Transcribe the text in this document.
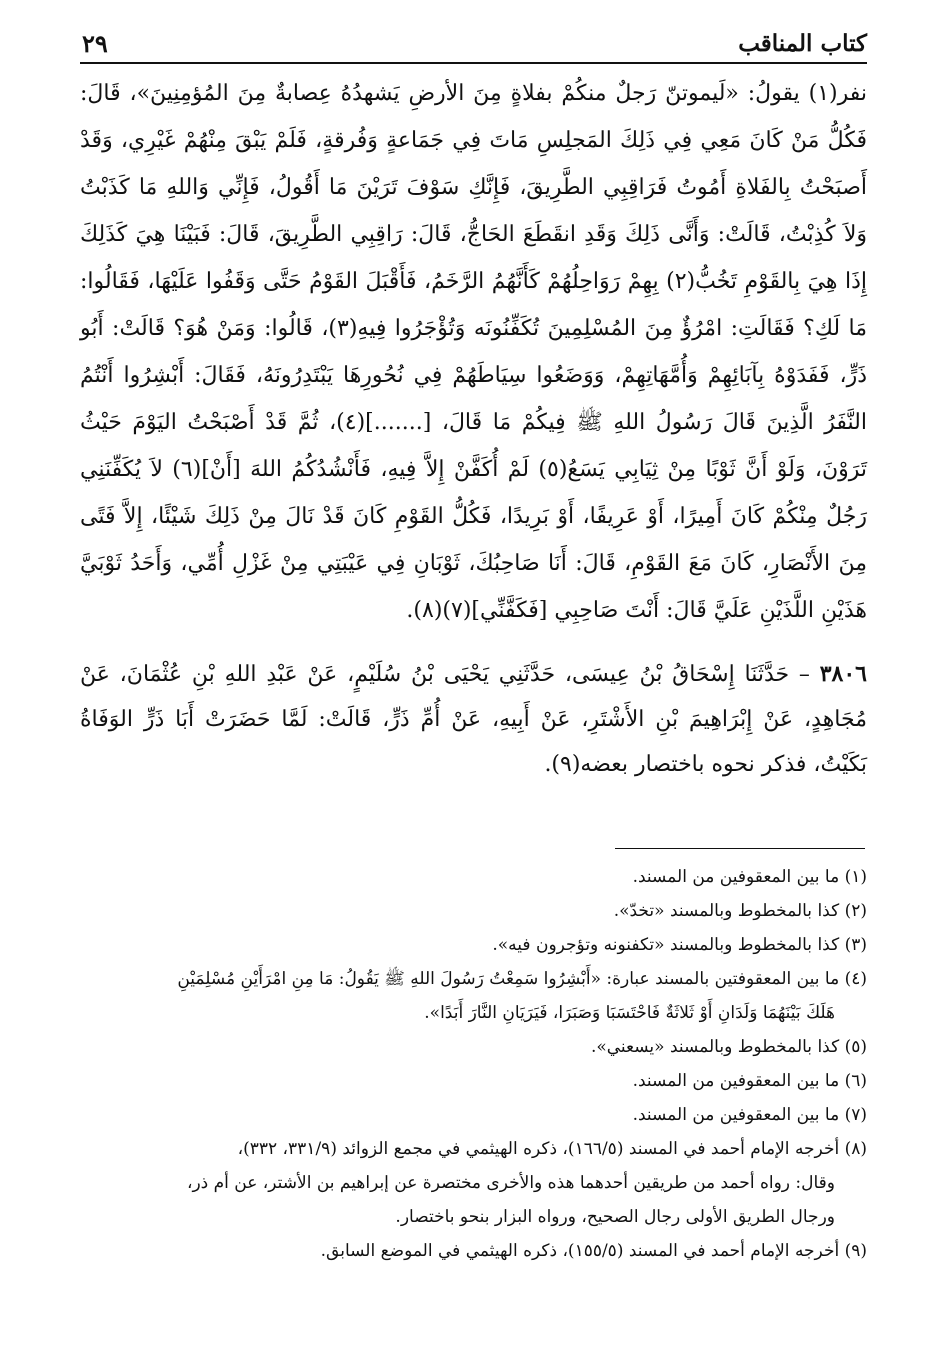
٢٩	كتاب المناقب

نفر(١) يقولُ: «لَيموتنّ رَجلٌ منكُمْ بفلاةٍ مِنَ الأرضِ يَشهدُهُ عِصابةٌ مِنَ المُؤمِنِينَ»، قَالَ: فَكُلُّ مَنْ كَانَ مَعِي فِي ذَلِكَ المَجلِسِ مَاتَ فِي جَمَاعةٍ وَفُرقةٍ، فَلَمْ يَبْقَ مِنْهُمْ غَيْرِي، وَقَدْ أَصبَحْتُ بِالفَلاةِ أَمُوتُ فَرَاقِبِي الطَّرِيقَ، فَإِنَّكِ سَوْفَ تَرَيْنَ مَا أَقُولُ، فَإِنِّي وَاللهِ مَا كَذَبْتُ وَلاَ كُذِبْتُ، قَالَتْ: وَأَنَّى ذَلِكَ وَقَدِ انقَطَعَ الحَاجُّ، قَالَ: رَاقِبِي الطَّرِيقَ، قَالَ: فَبَيْنَا هِيَ كَذَلِكَ إِذَا هِيَ بِالقَوْمِ تَخُبُّ(٢) بِهِمْ رَوَاحِلُهُمْ كَأَنَّهُمُ الرَّخَمُ، فَأَقْبَلَ القَوْمُ حَتَّى وَقَفُوا عَلَيْهَا، فَقَالُوا: مَا لَكِ؟ فَقَالَتِ: امْرُؤٌ مِنَ المُسْلِمِينَ تُكَفِّنُونَه وَتُؤْجَرُوا فِيهِ(٣)، قَالُوا: وَمَنْ هُوَ؟ قَالَتْ: أَبُو ذَرٍّ، فَفَدَوْهُ بِآبَائِهِمْ وَأُمَّهَاتِهِمْ، وَوَضَعُوا سِيَاطَهُمْ فِي نُحُورِهَا يَبْتَدِرُونَهُ، فَقَالَ: أَبْشِرُوا أَنْتُمُ النَّفَرُ الَّذِينَ قَالَ رَسُولُ اللهِ ﷺ فِيكُمْ مَا قَالَ، [.......](٤)، ثُمَّ قَدْ أَصْبَحْتُ اليَوْمَ حَيْثُ تَرَوْنَ، وَلَوْ أَنَّ ثَوْبًا مِنْ ثِيَابِي يَسَعُ(٥) لَمْ أُكَفَّنْ إِلاَّ فِيهِ، فَأَنْشُدُكُمُ اللهَ [أَنْ](٦) لاَ يُكَفِّنَنِي رَجُلٌ مِنْكُمْ كَانَ أَمِيرًا، أَوْ عَرِيفًا، أَوْ بَرِيدًا، فَكُلُّ القَوْمِ كَانَ قَدْ نَالَ مِنْ ذَلِكَ شَيْئًا، إِلاَّ فَتًى مِنَ الأَنْصَارِ، كَانَ مَعَ القَوْمِ، قَالَ: أَنَا صَاحِبُكَ، ثَوْبَانِ فِي عَيْبَتِي مِنْ غَزْلِ أُمِّي، وَأَحَدُ ثَوْبَيَّ هَذَيْنِ اللَّذَيْنِ عَلَيَّ قَالَ: أَنْتَ صَاحِبِي [فَكَفَّنِّي](٧)(٨).

٣٨٠٦ – حَدَّثَنَا إِسْحَاقُ بْنُ عِيسَى، حَدَّثَنِي يَحْيَى بْنُ سُلَيْمٍ، عَنْ عَبْدِ اللهِ بْنِ عُثْمَانَ، عَنْ مُجَاهِدٍ، عَنْ إِبْرَاهِيمَ بْنِ الأَشْتَرِ، عَنْ أَبِيهِ، عَنْ أُمِّ ذَرٍّ، قَالَتْ: لَمَّا حَضَرَتْ أَبَا ذَرٍّ الوَفَاةُ بَكَيْتُ، فذكر نحوه باختصار بعضه(٩).

(١) ما بين المعقوفين من المسند.

(٢) كذا بالمخطوط وبالمسند «تخدّ».

(٣) كذا بالمخطوط وبالمسند «تكفنونه وتؤجرون فيه».

(٤) ما بين المعقوفتين بالمسند عبارة: «أَبْشِرُوا سَمِعْتُ رَسُولَ اللهِ ﷺ يَقُولُ: مَا مِنِ امْرَأَيْنِ مُسْلِمَيْنِ

هَلَكَ بَيْنَهُمَا وَلَدَانِ أَوْ ثَلاثَةٌ فَاحْتَسَبَا وَصَبَرَا، فَيَرَيَانِ النَّارَ أَبَدًا».

(٥) كذا بالمخطوط وبالمسند «يسعني».

(٦) ما بين المعقوفين من المسند.

(٧) ما بين المعقوفين من المسند.

(٨) أخرجه الإمام أحمد في المسند (١٦٦/٥)، ذكره الهيثمي في مجمع الزوائد (٣٣١/٩، ٣٣٢)،

وقال: رواه أحمد من طريقين أحدهما هذه والأخرى مختصرة عن إبراهيم بن الأشتر، عن أم ذر،

ورجال الطريق الأولى رجال الصحيح، ورواه البزار بنحو باختصار.

(٩) أخرجه الإمام أحمد في المسند (١٥٥/٥)، ذكره الهيثمي في الموضع السابق.
